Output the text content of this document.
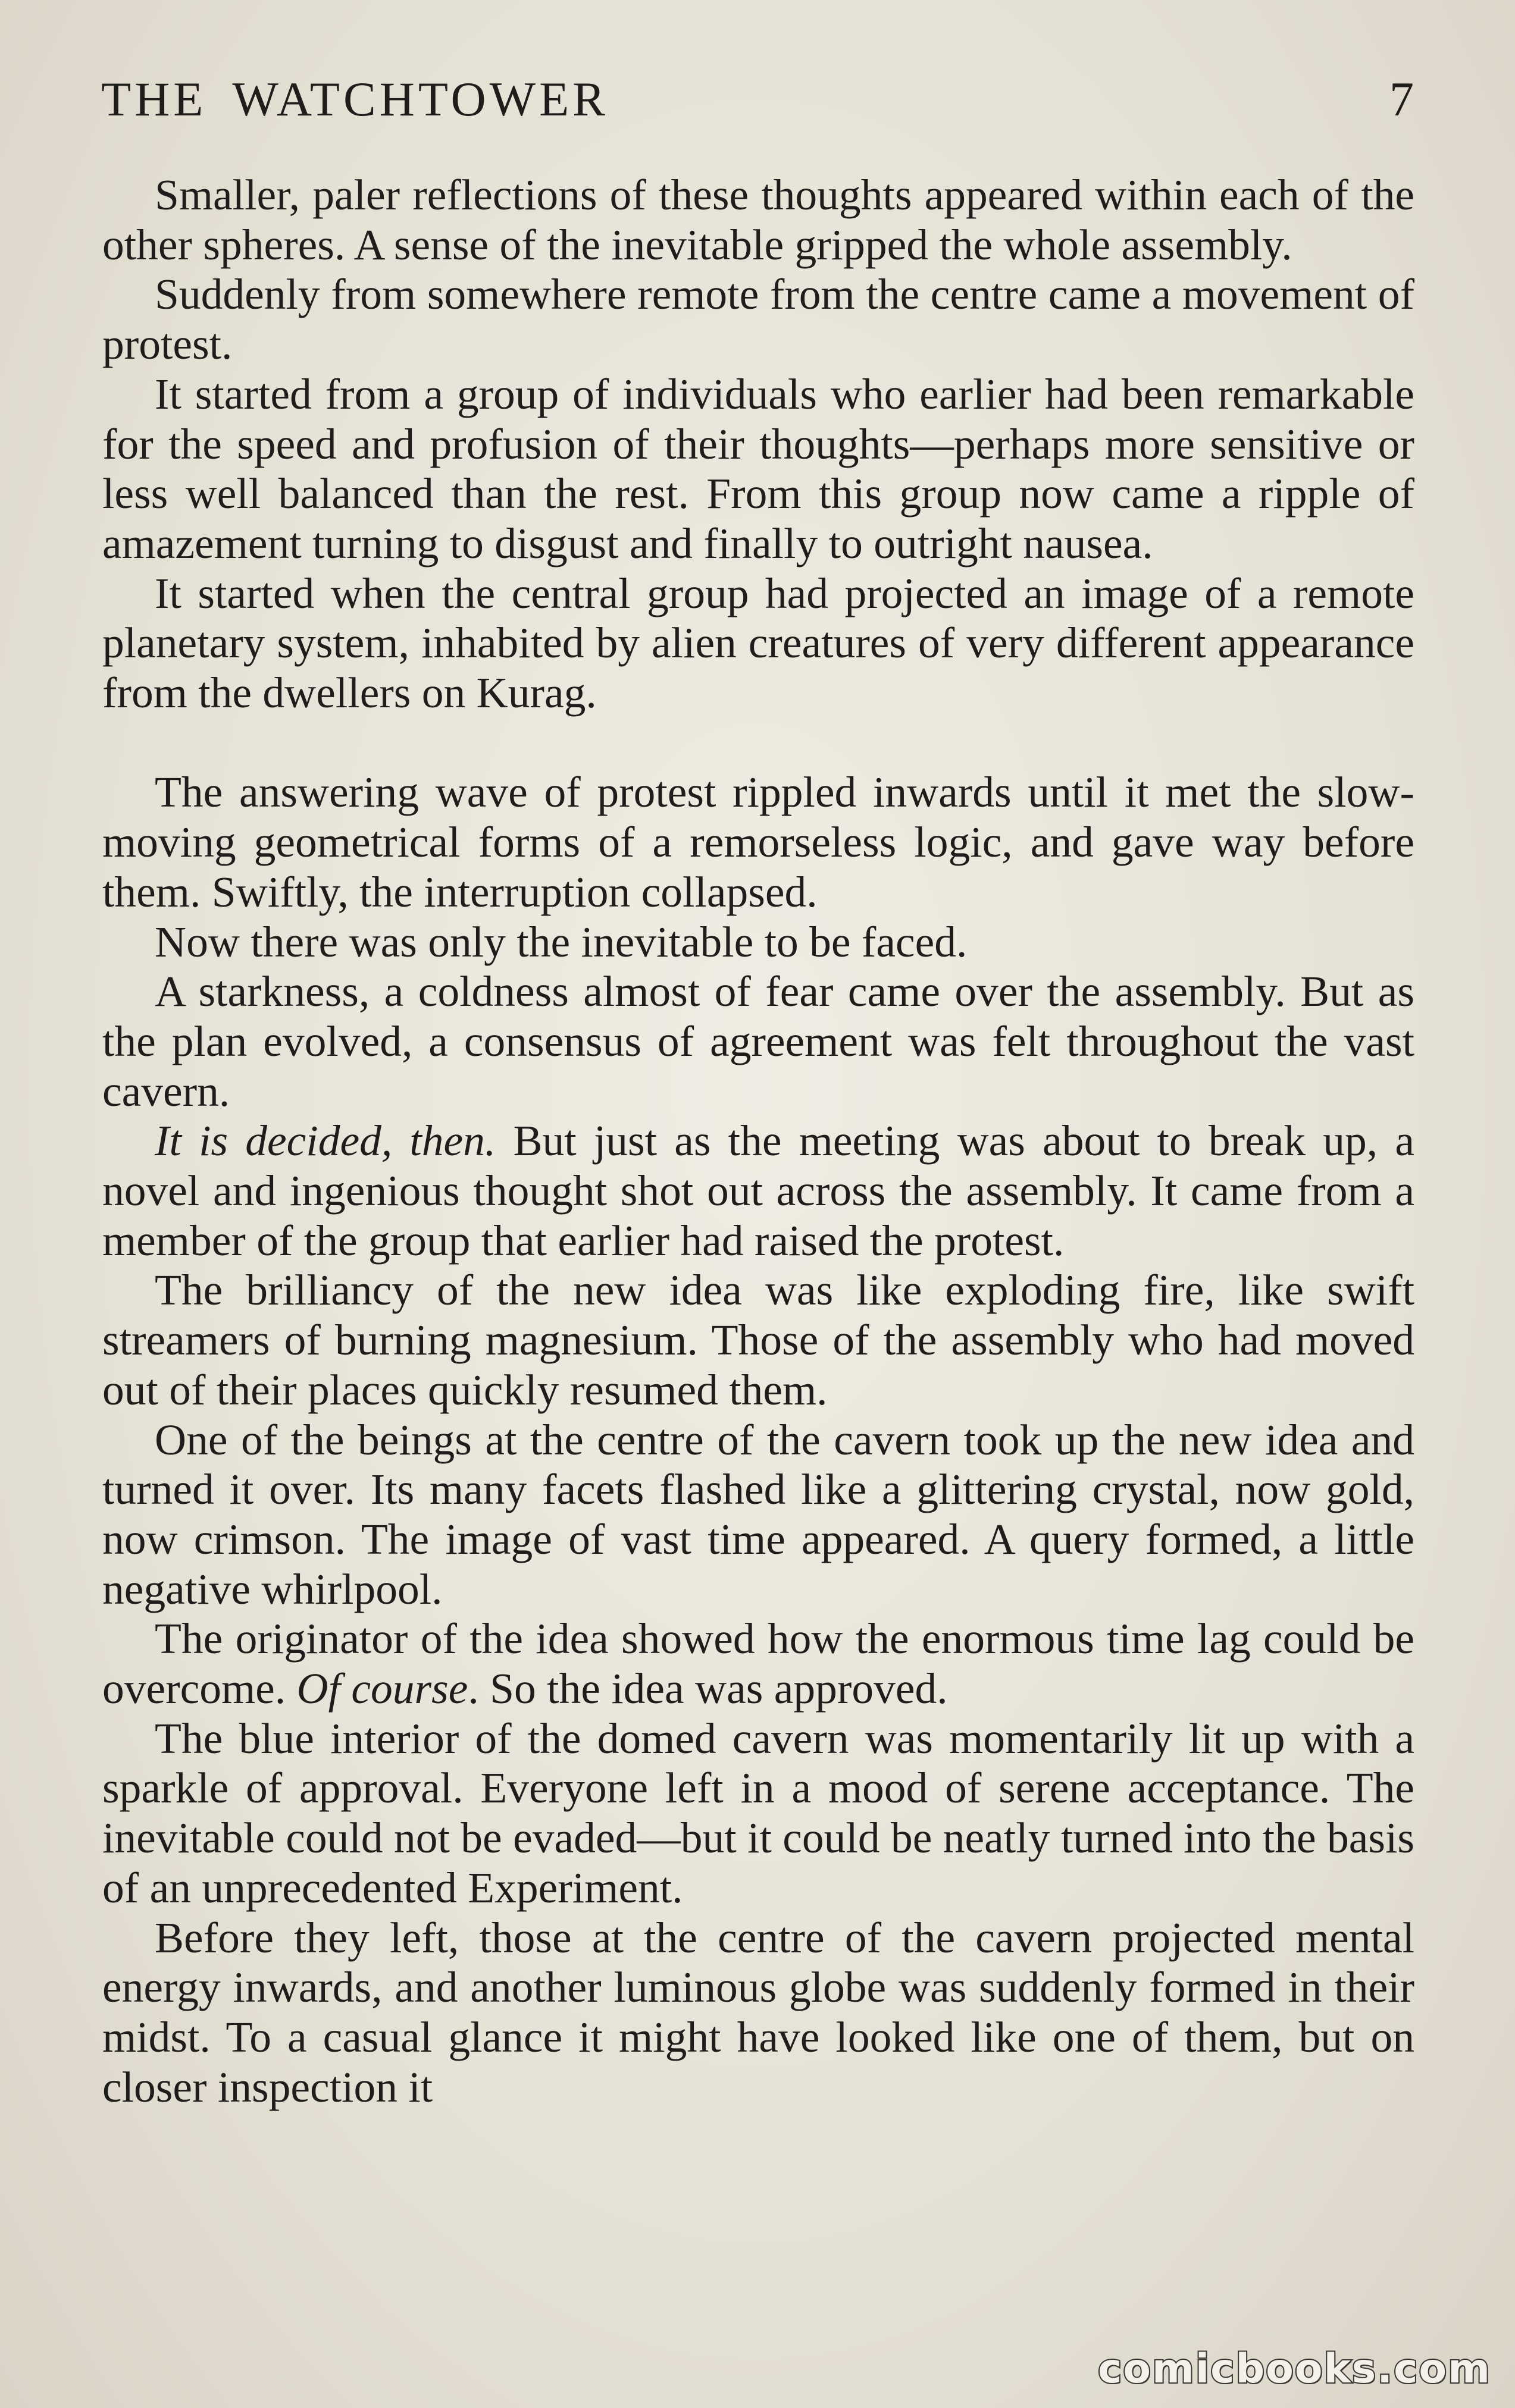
THE WATCHTOWER	7

Smaller, paler reflections of these thoughts appeared within each of the other spheres. A sense of the inevitable gripped the whole assembly.

Suddenly from somewhere remote from the centre came a movement of protest.

It started from a group of individuals who earlier had been remarkable for the speed and profusion of their thoughts—perhaps more sensitive or less well balanced than the rest. From this group now came a ripple of amazement turning to disgust and finally to outright nausea.

It started when the central group had projected an image of a remote planetary system, inhabited by alien creatures of very different appearance from the dwellers on Kurag.

The answering wave of protest rippled inwards until it met the slow-moving geometrical forms of a remorseless logic, and gave way before them. Swiftly, the interruption collapsed.

Now there was only the inevitable to be faced.

A starkness, a coldness almost of fear came over the assembly. But as the plan evolved, a consensus of agreement was felt throughout the vast cavern.

It is decided, then. But just as the meeting was about to break up, a novel and ingenious thought shot out across the assembly. It came from a member of the group that earlier had raised the protest.

The brilliancy of the new idea was like exploding fire, like swift streamers of burning magnesium. Those of the assembly who had moved out of their places quickly resumed them.

One of the beings at the centre of the cavern took up the new idea and turned it over. Its many facets flashed like a glittering crystal, now gold, now crimson. The image of vast time appeared. A query formed, a little negative whirlpool.

The originator of the idea showed how the enormous time lag could be overcome. Of course. So the idea was approved.

The blue interior of the domed cavern was momentarily lit up with a sparkle of approval. Everyone left in a mood of serene acceptance. The inevitable could not be evaded—but it could be neatly turned into the basis of an unprecedented Experiment.

Before they left, those at the centre of the cavern projected mental energy inwards, and another luminous globe was suddenly formed in their midst. To a casual glance it might have looked like one of them, but on closer inspection it

comicbooks.com
